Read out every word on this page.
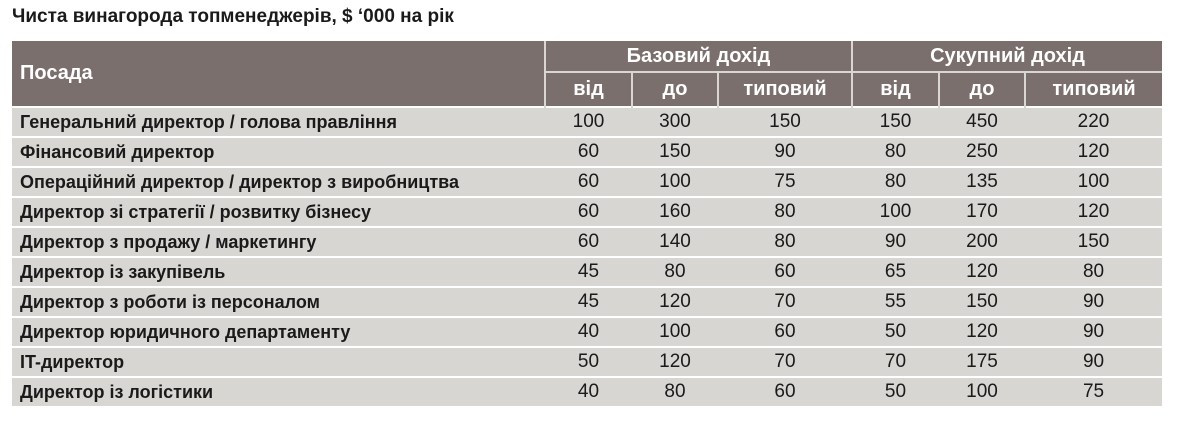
Чиста винагорода топменеджерів, $ ‘000 на рік
Посада	Базовий дохід			Сукупний дохід		
	від	до	типовий	від	до	типовий
Генеральний директор / голова правління	100	300	150	150	450	220
Фінансовий директор	60	150	90	80	250	120
Операційний директор / директор з виробництва	60	100	75	80	135	100
Директор зі стратегії / розвитку бізнесу	60	160	80	100	170	120
Директор з продажу / маркетингу	60	140	80	90	200	150
Директор із закупівель	45	80	60	65	120	80
Директор з роботи із персоналом	45	120	70	55	150	90
Директор юридичного департаменту	40	100	60	50	120	90
IT-директор	50	120	70	70	175	90
Директор із логістики	40	80	60	50	100	75
